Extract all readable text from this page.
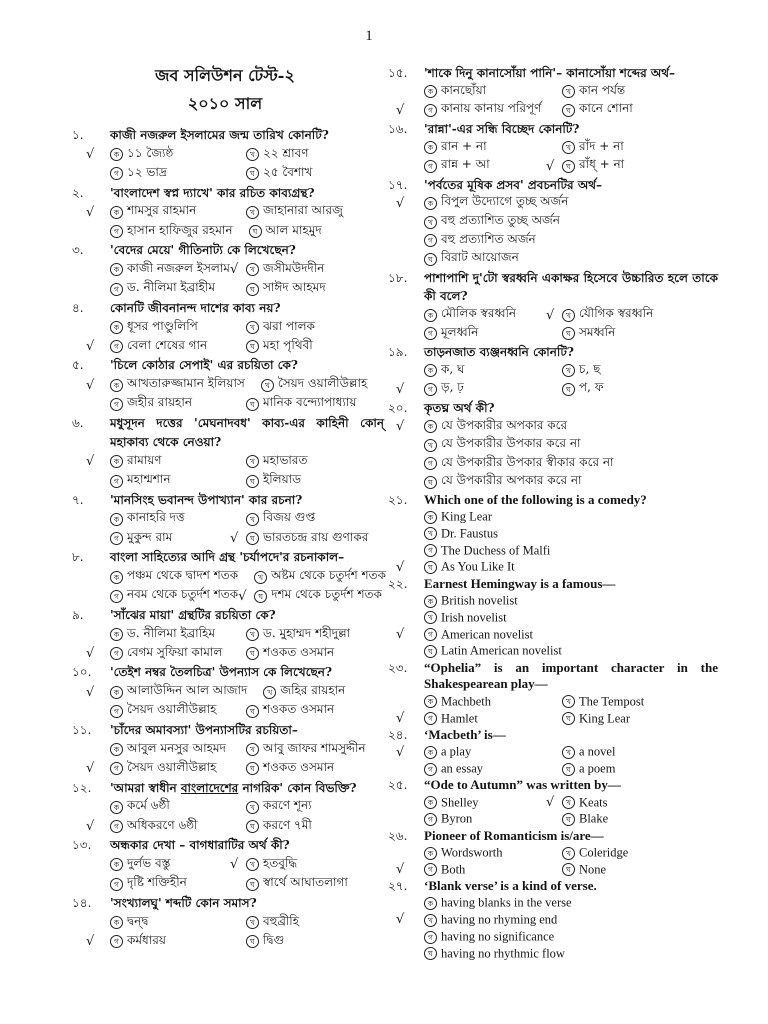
1
জব সলিউশন টেস্ট-২
২০১০ সাল
১.	কাজী নজরুল ইসলামের জন্ম তারিখ কোনটি?
√	ক ১১ জ্যৈষ্ঠ	খ ২২ শ্রাবণ
গ ১২ ভাদ্র	ঘ ২৫ বৈশাখ
২.	'বাংলাদেশ স্বপ্ন দ্যাখে' কার রচিত কাব্যগ্রন্থ?
√	ক শামসুর রাহমান	খ জাহানারা আরজু
গ হাসান হাফিজুর রহমান	ঘ আল মাহমুদ
৩.	'বেদের মেয়ে' গীতিনাট্য কে লিখেছেন?
ক কাজী নজরুল ইসলাম √	খ জসীমউদদীন
গ ড. নীলিমা ইব্রাহীম	ঘ সাঈদ আহমদ
৪.	কোনটি জীবনানন্দ দাশের কাব্য নয়?
ক ধূসর পাণ্ডুলিপি	খ ঝরা পালক
√	গ বেলা শেষের গান	ঘ মহা পৃথিবী
৫.	'চিলে কোঠার সেপাই' এর রচয়িতা কে?
√	ক আখতারুজ্জামান ইলিয়াস	খ সৈয়দ ওয়ালীউল্লাহ
গ জহীর রায়হান	ঘ মানিক বন্দ্যোপাধ্যায়
৬.	মধুসূদন দত্তের 'মেঘনাদবধ' কাব্য-এর কাহিনী কোন্ মহাকাব্য থেকে নেওয়া?
√	ক রামায়ণ	খ মহাভারত
গ মহাশ্মশান	ঘ ইলিয়াড
৭.	'মানসিংহ ভবানন্দ উপাখ্যান' কার রচনা?
ক কানাহরি দত্ত	খ বিজয় গুপ্ত
গ মুকুন্দ রাম	√	ঘ ভারতচন্দ্র রায় গুণাকর
৮.	বাংলা সাহিত্যের আদি গ্রন্থ 'চর্যাপদে'র রচনাকাল–
ক পঞ্চম থেকে দ্বাদশ শতক	খ অষ্টম থেকে চতুর্দশ শতক
গ নবম থেকে চতুর্দশ শতক √	ঘ দশম থেকে চতুর্দশ শতক
৯.	'সাঁঝের মায়া' গ্রন্থটির রচয়িতা কে?
ক ড. নীলিমা ইব্রাহিম	খ ড. মুহাম্মদ শহীদুল্লা
√	গ বেগম সুফিয়া কামাল	ঘ শওকত ওসমান
১০.	'তেইশ নম্বর তৈলচিত্র' উপন্যাস কে লিখেছেন?
√	ক আলাউদ্দিন আল আজাদ	খ জহির রায়হান
গ সৈয়দ ওয়ালীউল্লাহ	ঘ শওকত ওসমান
১১.	'চাঁদের অমাবস্যা' উপন্যাসটির রচয়িতা–
ক আবুল মনসুর আহমদ	খ আবু জাফর শামসুদ্দীন
√	গ সৈয়দ ওয়ালীউল্লাহ	ঘ শওকত ওসমান
১২.	'আমরা স্বাধীন বাংলাদেশের নাগরিক' কোন বিভক্তি?
ক কর্মে ৬ষ্ঠী	খ করণে শূন্য
√	গ অধিকরণে ৬ষ্ঠী	ঘ করণে ৭মী
১৩.	অন্ধকার দেখা – বাগধারাটির অর্থ কী?
ক দুর্লভ বস্তু	√	খ হতবুদ্ধি
গ দৃষ্টি শক্তিহীন	ঘ স্বার্থে আঘাতলাগা
১৪.	'সংখ্যালঘু' শব্দটি কোন সমাস?
ক দ্বন্দ্ব	খ বহুব্রীহি
√	গ কর্মধারয়	ঘ দ্বিগু
১৫.	'শাকে দিনু কানাসোঁয়া পানি'– কানাসোঁয়া শব্দের অর্থ–
ক কানছোঁয়া	খ কান পর্যন্ত
√	গ কানায় কানায় পরিপূর্ণ	ঘ কানে শোনা
১৬.	'রান্না'-এর সন্ধি বিচ্ছেদ কোনটি?
ক রান + না	খ রাঁদ + না
গ রান্ন + আ	√	ঘ রাঁধ্ + না
১৭.	'পর্বতের মূষিক প্রসব' প্রবচনটির অর্থ–
√	ক বিপুল উদ্যোগে তুচ্ছ অর্জন
খ বহু প্রত্যাশিত তুচ্ছ অর্জন
গ বহু প্রত্যাশিত অর্জন
ঘ বিরাট আয়োজন
১৮.	পাশাপাশি দু'টো স্বরধ্বনি একাক্ষর হিসেবে উচ্চারিত হলে তাকে কী বলে?
ক মৌলিক স্বরধ্বনি	√	খ যৌগিক স্বরধ্বনি
গ মূলধ্বনি	ঘ সমধ্বনি
১৯.	তাড়নজাত ব্যঞ্জনধ্বনি কোনটি?
ক ক, ঘ	খ চ, ছ
√	গ ড়, ঢ়	ঘ প, ফ
২০.	কৃতঘ্ন অর্থ কী?
√	ক যে উপকারীর অপকার করে
খ যে উপকারীর উপকার করে না
গ যে উপকারীর উপকার স্বীকার করে না
ঘ যে উপকারীর অপকার করে না
২১.	Which one of the following is a comedy?
ক King Lear
খ Dr. Faustus
গ The Duchess of Malfi
√	ঘ As You Like It
২২.	Earnest Hemingway is a famous—
ক British novelist
খ Irish novelist
√	গ American novelist
ঘ Latin American novelist
২৩.	“Ophelia” is an important character in the Shakespearean play—
ক Machbeth	খ The Tempost
√	গ Hamlet	ঘ King Lear
২৪.	‘Macbeth’ is—
√	ক a play	খ a novel
গ an essay	ঘ a poem
২৫.	“Ode to Autumn” was written by—
ক Shelley	√	খ Keats
গ Byron	ঘ Blake
২৬.	Pioneer of Romanticism is/are—
ক Wordsworth	খ Coleridge
√	গ Both	ঘ None
২৭.	‘Blank verse’ is a kind of verse.
ক having blanks in the verse
√	খ having no rhyming end
গ having no significance
ঘ having no rhythmic flow
